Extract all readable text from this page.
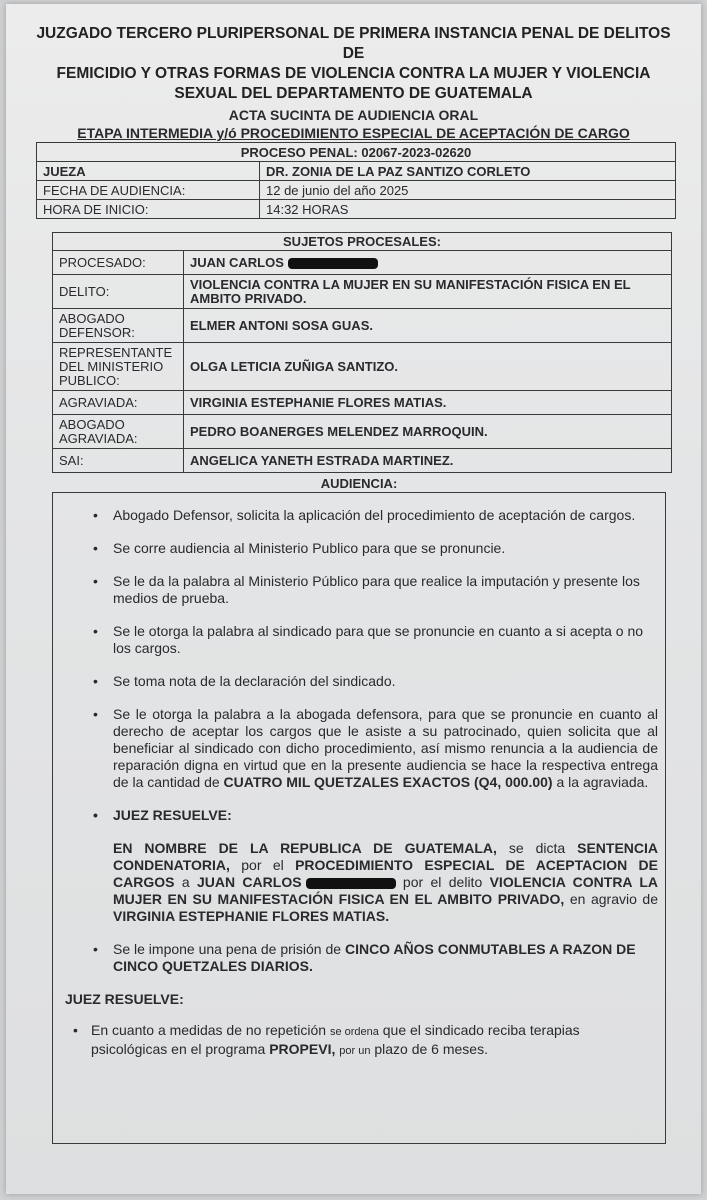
JUZGADO TERCERO PLURIPERSONAL DE PRIMERA INSTANCIA PENAL DE DELITOS DE
FEMICIDIO Y OTRAS FORMAS DE VIOLENCIA CONTRA LA MUJER Y VIOLENCIA
SEXUAL DEL DEPARTAMENTO DE GUATEMALA
ACTA SUCINTA DE AUDIENCIA ORAL
ETAPA INTERMEDIA y/ó PROCEDIMIENTO ESPECIAL DE ACEPTACIÓN DE CARGO
PROCESO PENAL: 02067-2023-02620	
JUEZA	DR. ZONIA DE LA PAZ SANTIZO CORLETO
FECHA DE AUDIENCIA:	12 de junio del año 2025
HORA DE INICIO:	14:32 HORAS
SUJETOS PROCESALES:	
PROCESADO:	JUAN CARLOS
DELITO:	VIOLENCIA CONTRA LA MUJER EN SU MANIFESTACIÓN FISICA EN EL AMBITO PRIVADO.
ABOGADO DEFENSOR:	ELMER ANTONI SOSA GUAS.
REPRESENTANTE DEL MINISTERIO PUBLICO:	OLGA LETICIA ZUÑIGA SANTIZO.
AGRAVIADA:	VIRGINIA ESTEPHANIE FLORES MATIAS.
ABOGADO AGRAVIADA:	PEDRO BOANERGES MELENDEZ MARROQUIN.
SAI:	ANGELICA YANETH ESTRADA MARTINEZ.
AUDIENCIA:
• Abogado Defensor, solicita la aplicación del procedimiento de aceptación de cargos.
• Se corre audiencia al Ministerio Publico para que se pronuncie.
• Se le da la palabra al Ministerio Público para que realice la imputación y presente los medios de prueba.
• Se le otorga la palabra al sindicado para que se pronuncie en cuanto a si acepta o no los cargos.
• Se toma nota de la declaración del sindicado.
• Se le otorga la palabra a la abogada defensora, para que se pronuncie en cuanto al derecho de aceptar los cargos que le asiste a su patrocinado, quien solicita que al beneficiar al sindicado con dicho procedimiento, así mismo renuncia a la audiencia de reparación digna en virtud que en la presente audiencia se hace la respectiva entrega de la cantidad de CUATRO MIL QUETZALES EXACTOS (Q4, 000.00) a la agraviada.
• JUEZ RESUELVE:
EN NOMBRE DE LA REPUBLICA DE GUATEMALA, se dicta SENTENCIA CONDENATORIA, por el PROCEDIMIENTO ESPECIAL DE ACEPTACION DE CARGOS a JUAN CARLOS	por el delito VIOLENCIA CONTRA LA MUJER EN SU MANIFESTACIÓN FISICA EN EL AMBITO PRIVADO, en agravio de VIRGINIA ESTEPHANIE FLORES MATIAS.
• Se le impone una pena de prisión de CINCO AÑOS CONMUTABLES A RAZON DE CINCO QUETZALES DIARIOS.
JUEZ RESUELVE:
• En cuanto a medidas de no repetición se ordena que el sindicado reciba terapias psicológicas en el programa PROPEVI, por un plazo de 6 meses.
